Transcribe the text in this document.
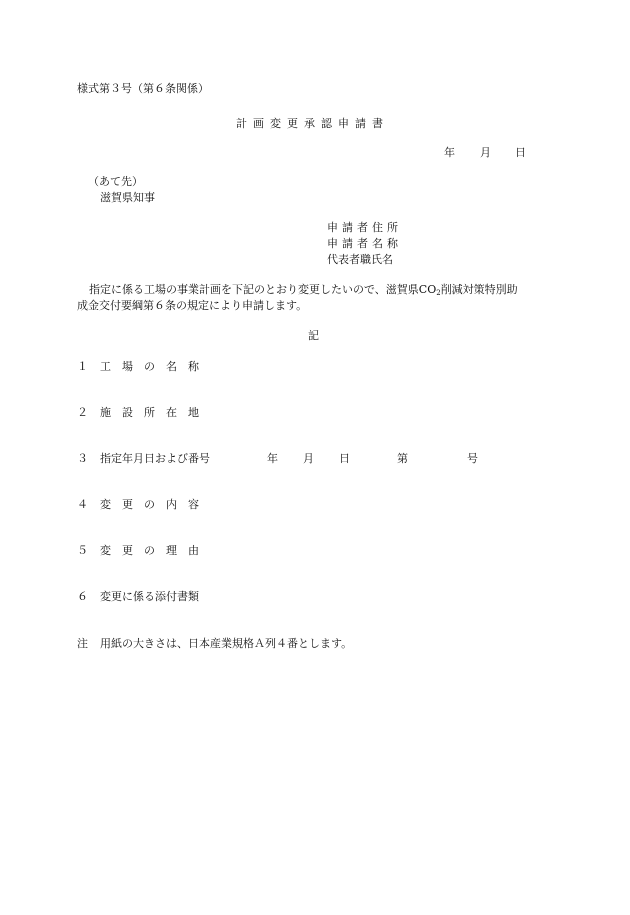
様式第３号（第６条関係）
計画変更承認申請書
年 月 日
（あて先）
滋賀県知事
申請者住所
申請者名称
代表者職氏名
指定に係る工場の事業計画を下記のとおり変更したいので、滋賀県$CO_2$削減対策特別助
成金交付要綱第６条の規定により申請します。
記
１ 工　場　の　名　称
２ 施　設　所　在　地
３ 指定年月日および番号	年 月 日	第	号
４ 変　更　の　内　容
５ 変　更　の　理　由
６ 変更に係る添付書類
注 用紙の大きさは、日本産業規格Ａ列４番とします。
